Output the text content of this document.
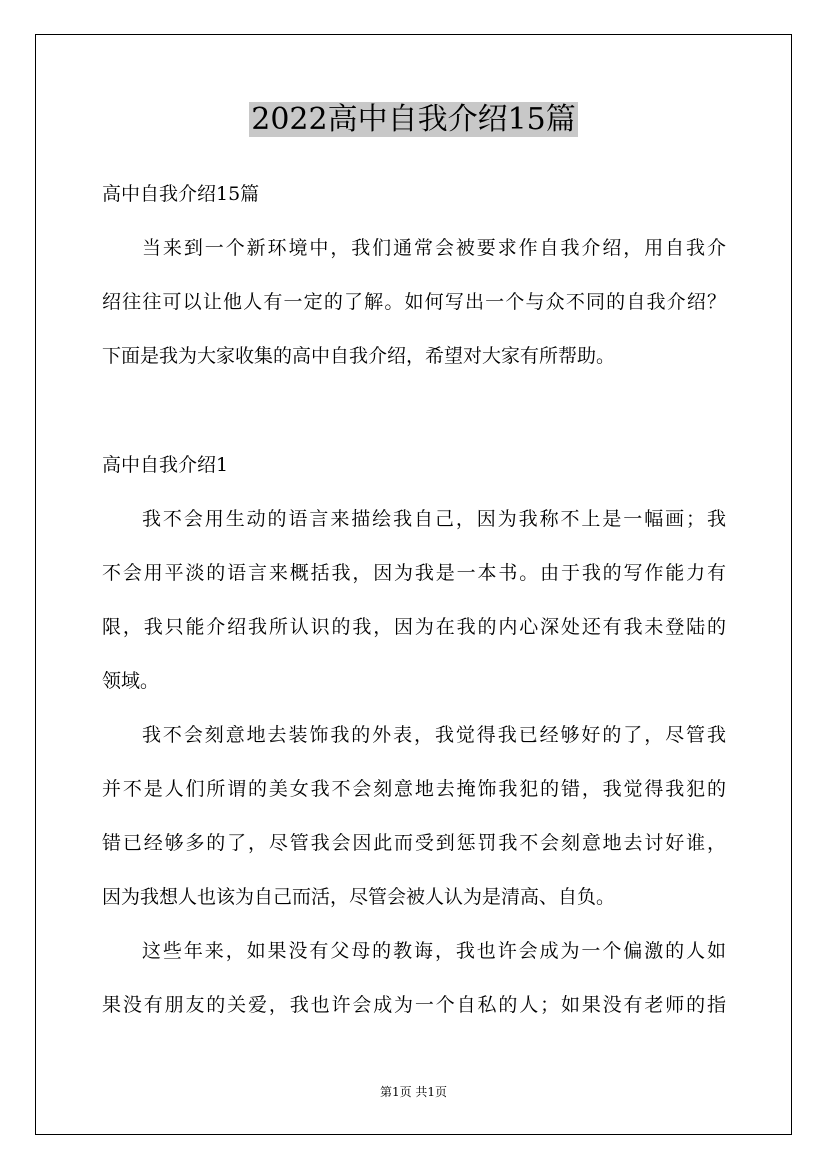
2022高中自我介绍15篇
高中自我介绍15篇
当来到一个新环境中，我们通常会被要求作自我介绍，用自我介
绍往往可以让他人有一定的了解。如何写出一个与众不同的自我介绍？
下面是我为大家收集的高中自我介绍，希望对大家有所帮助。
高中自我介绍1
我不会用生动的语言来描绘我自己，因为我称不上是一幅画；我
不会用平淡的语言来概括我，因为我是一本书。由于我的写作能力有
限，我只能介绍我所认识的我，因为在我的内心深处还有我未登陆的
领域。
我不会刻意地去装饰我的外表，我觉得我已经够好的了，尽管我
并不是人们所谓的美女我不会刻意地去掩饰我犯的错，我觉得我犯的
错已经够多的了，尽管我会因此而受到惩罚我不会刻意地去讨好谁，
因为我想人也该为自己而活，尽管会被人认为是清高、自负。
这些年来，如果没有父母的教诲，我也许会成为一个偏激的人如
果没有朋友的关爱，我也许会成为一个自私的人；如果没有老师的指
第1页 共1页
